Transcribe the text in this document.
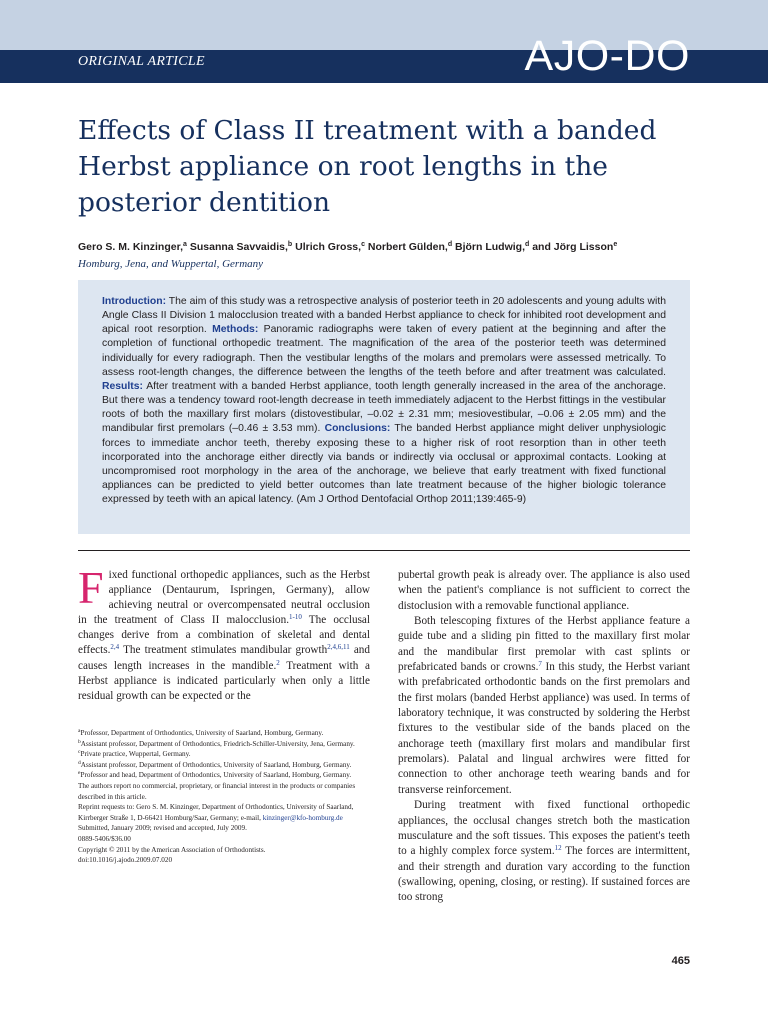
ORIGINAL ARTICLE	AJO-DO
Effects of Class II treatment with a banded Herbst appliance on root lengths in the posterior dentition
Gero S. M. Kinzinger,$^a$ Susanna Savvaidis,$^b$ Ulrich Gross,$^c$ Norbert Gülden,$^d$ Björn Ludwig,$^d$ and Jörg Lisson$^e$
Homburg, Jena, and Wuppertal, Germany

Introduction: The aim of this study was a retrospective analysis of posterior teeth in 20 adolescents and young adults with Angle Class II Division 1 malocclusion treated with a banded Herbst appliance to check for inhibited root development and apical root resorption. Methods: Panoramic radiographs were taken of every patient at the beginning and after the completion of functional orthopedic treatment. The magnification of the area of the posterior teeth was determined individually for every radiograph. Then the vestibular lengths of the molars and premolars were assessed metrically. To assess root-length changes, the difference between the lengths of the teeth before and after treatment was calculated. Results: After treatment with a banded Herbst appliance, tooth length generally increased in the area of the anchorage. But there was a tendency toward root-length decrease in teeth immediately adjacent to the Herbst fittings in the vestibular roots of both the maxillary first molars (distovestibular, –0.02 ± 2.31 mm; mesiovestibular, –0.06 ± 2.05 mm) and the mandibular first premolars (–0.46 ± 3.53 mm). Conclusions: The banded Herbst appliance might deliver unphysiologic forces to immediate anchor teeth, thereby exposing these to a higher risk of root resorption than in other teeth incorporated into the anchorage either directly via bands or indirectly via occlusal or approximal contacts. Looking at uncompromised root morphology in the area of the anchorage, we believe that early treatment with fixed functional appliances can be predicted to yield better outcomes than late treatment because of the higher biologic tolerance expressed by teeth with an apical latency. (Am J Orthod Dentofacial Orthop 2011;139:465-9)

Fixed functional orthopedic appliances, such as the Herbst appliance (Dentaurum, Ispringen, Germany), allow achieving neutral or overcompensated neutral occlusion in the treatment of Class II malocclusion.$^{1-10}$ The occlusal changes derive from a combination of skeletal and dental effects.$^{2,4}$ The treatment stimulates mandibular growth$^{2,4,6,11}$ and causes length increases in the mandible.$^2$ Treatment with a Herbst appliance is indicated particularly when only a little residual growth can be expected or the

$^a$Professor, Department of Orthodontics, University of Saarland, Homburg, Germany.

$^b$Assistant professor, Department of Orthodontics, Friedrich-Schiller-University, Jena, Germany.

$^c$Private practice, Wuppertal, Germany.

$^d$Assistant professor, Department of Orthodontics, University of Saarland, Homburg, Germany.

$^e$Professor and head, Department of Orthodontics, University of Saarland, Homburg, Germany.

The authors report no commercial, proprietary, or financial interest in the products or companies described in this article.

Reprint requests to: Gero S. M. Kinzinger, Department of Orthodontics, University of Saarland, Kirrberger Straße 1, D-66421 Homburg/Saar, Germany; e-mail, kinzinger@kfo-homburg.de

Submitted, January 2009; revised and accepted, July 2009.

0889-5406/$36.00

Copyright © 2011 by the American Association of Orthodontists.

doi:10.1016/j.ajodo.2009.07.020

pubertal growth peak is already over. The appliance is also used when the patient's compliance is not sufficient to correct the distoclusion with a removable functional appliance.

Both telescoping fixtures of the Herbst appliance feature a guide tube and a sliding pin fitted to the maxillary first molar and the mandibular first premolar with cast splints or prefabricated bands or crowns.$^7$ In this study, the Herbst variant with prefabricated orthodontic bands on the first premolars and the first molars (banded Herbst appliance) was used. In terms of laboratory technique, it was constructed by soldering the Herbst fixtures to the vestibular side of the bands placed on the anchorage teeth (maxillary first molars and mandibular first premolars). Palatal and lingual archwires were fitted for connection to other anchorage teeth wearing bands and for transverse reinforcement.

During treatment with fixed functional orthopedic appliances, the occlusal changes stretch both the mastication musculature and the soft tissues. This exposes the patient's teeth to a highly complex force system.$^{12}$ The forces are intermittent, and their strength and duration vary according to the function (swallowing, opening, closing, or resting). If sustained forces are too strong

465
